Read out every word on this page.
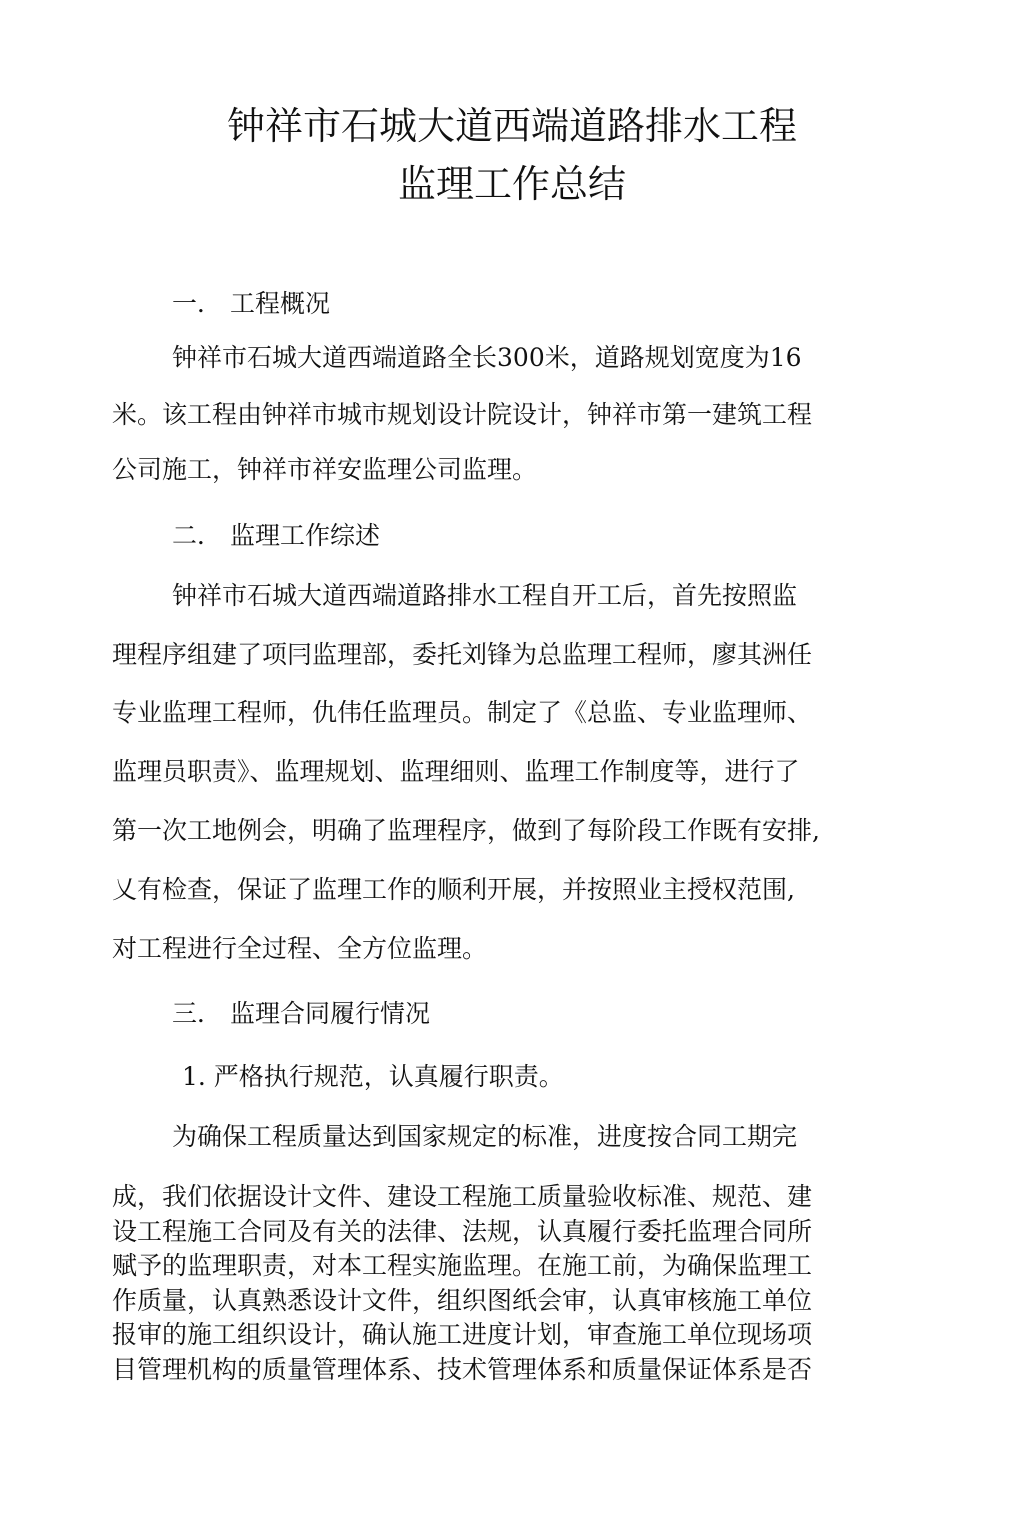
钟祥市石城大道西端道路排水工程
监理工作总结
一． 工程概况
钟祥市石城大道西端道路全长300米，道路规划宽度为16
米。该工程由钟祥市城市规划设计院设计，钟祥市第一建筑工程
公司施工，钟祥市祥安监理公司监理。
二． 监理工作综述
钟祥市石城大道西端道路排水工程自开工后，首先按照监
理程序组建了项冃监理部，委托刘锋为总监理工程师，廖其洲任
专业监理工程师，仇伟任监理员。制定了《总监、专业监理师、
监理员职责》、监理规划、监理细则、监理工作制度等，进行了
第一次工地例会，明确了监理程序，做到了每阶段工作既有安排,
乂有检查，保证了监理工作的顺利开展，并按照业主授权范围,
对工程进行全过程、全方位监理。
三． 监理合同履行情况
1. 严格执行规范，认真履行职责。
为确保工程质量达到国家规定的标准，进度按合同工期完
成，我们依据设计文件、建设工程施工质量验收标准、规范、建
设工程施工合同及有关的法律、法规，认真履行委托监理合同所
赋予的监理职责，对本工程实施监理。在施工前，为确保监理工
作质量，认真熟悉设计文件，组织图纸会审，认真审核施工单位
报审的施工组织设计，确认施工进度计划，审查施工单位现场项
目管理机构的质量管理体系、技术管理体系和质量保证体系是否
